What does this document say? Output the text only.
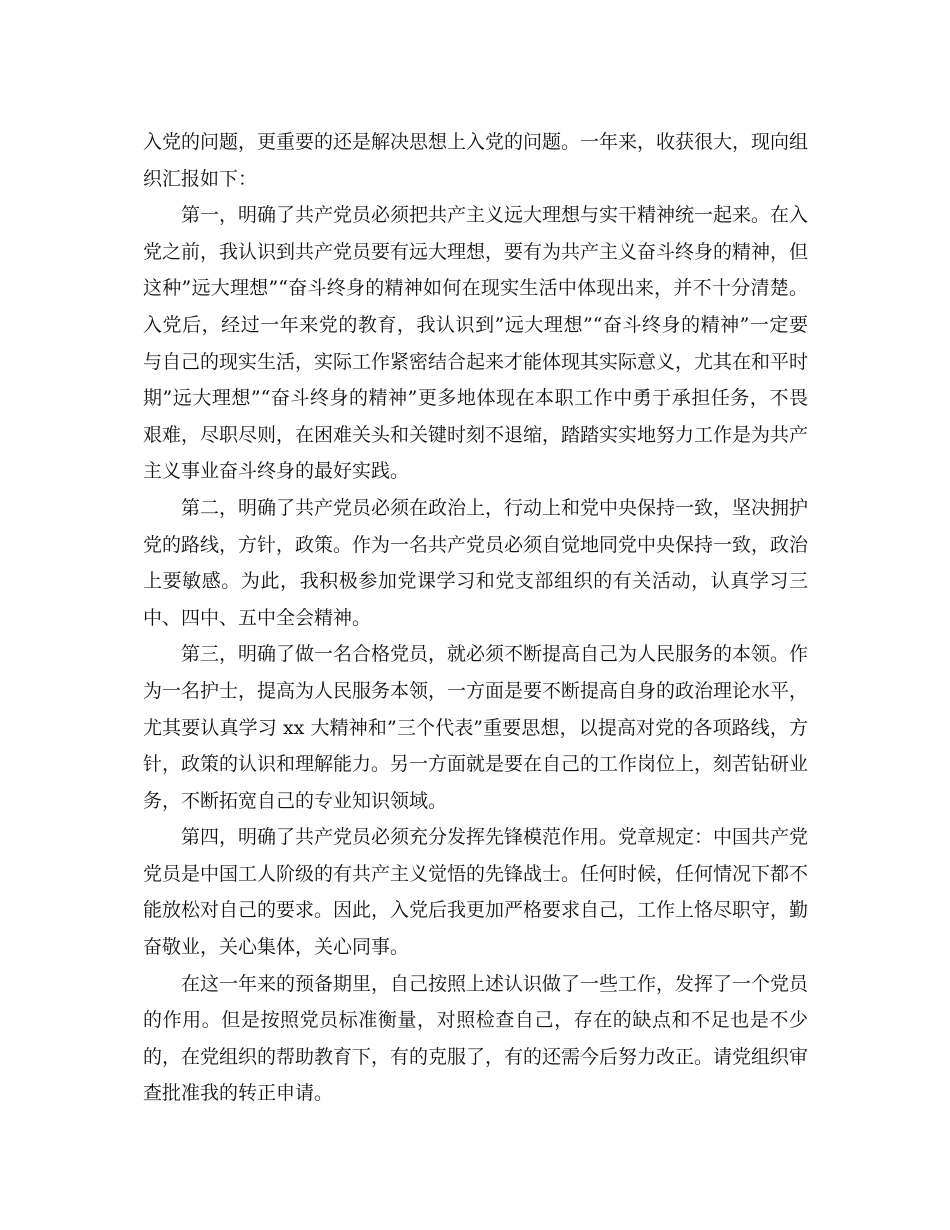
入党的问题，更重要的还是解决思想上入党的问题。一年来，收获很大，现向组织汇报如下：

第一，明确了共产党员必须把共产主义远大理想与实干精神统一起来。在入党之前，我认识到共产党员要有远大理想，要有为共产主义奋斗终身的精神，但这种”远大理想”“奋斗终身的精神如何在现实生活中体现出来，并不十分清楚。入党后，经过一年来党的教育，我认识到”远大理想”“奋斗终身的精神”一定要与自己的现实生活，实际工作紧密结合起来才能体现其实际意义，尤其在和平时期”远大理想”“奋斗终身的精神”更多地体现在本职工作中勇于承担任务，不畏艰难，尽职尽则，在困难关头和关键时刻不退缩，踏踏实实地努力工作是为共产主义事业奋斗终身的最好实践。

第二，明确了共产党员必须在政治上，行动上和党中央保持一致，坚决拥护党的路线，方针，政策。作为一名共产党员必须自觉地同党中央保持一致，政治上要敏感。为此，我积极参加党课学习和党支部组织的有关活动，认真学习三中、四中、五中全会精神。

第三，明确了做一名合格党员，就必须不断提高自己为人民服务的本领。作为一名护士，提高为人民服务本领，一方面是要不断提高自身的政治理论水平，尤其要认真学习 xx 大精神和”三个代表”重要思想，以提高对党的各项路线，方针，政策的认识和理解能力。另一方面就是要在自己的工作岗位上，刻苦钻研业务，不断拓宽自己的专业知识领域。

第四，明确了共产党员必须充分发挥先锋模范作用。党章规定：中国共产党党员是中国工人阶级的有共产主义觉悟的先锋战士。任何时候，任何情况下都不能放松对自己的要求。因此，入党后我更加严格要求自己，工作上恪尽职守，勤奋敬业，关心集体，关心同事。

在这一年来的预备期里，自己按照上述认识做了一些工作，发挥了一个党员的作用。但是按照党员标准衡量，对照检查自己，存在的缺点和不足也是不少的，在党组织的帮助教育下，有的克服了，有的还需今后努力改正。请党组织审查批准我的转正申请。
